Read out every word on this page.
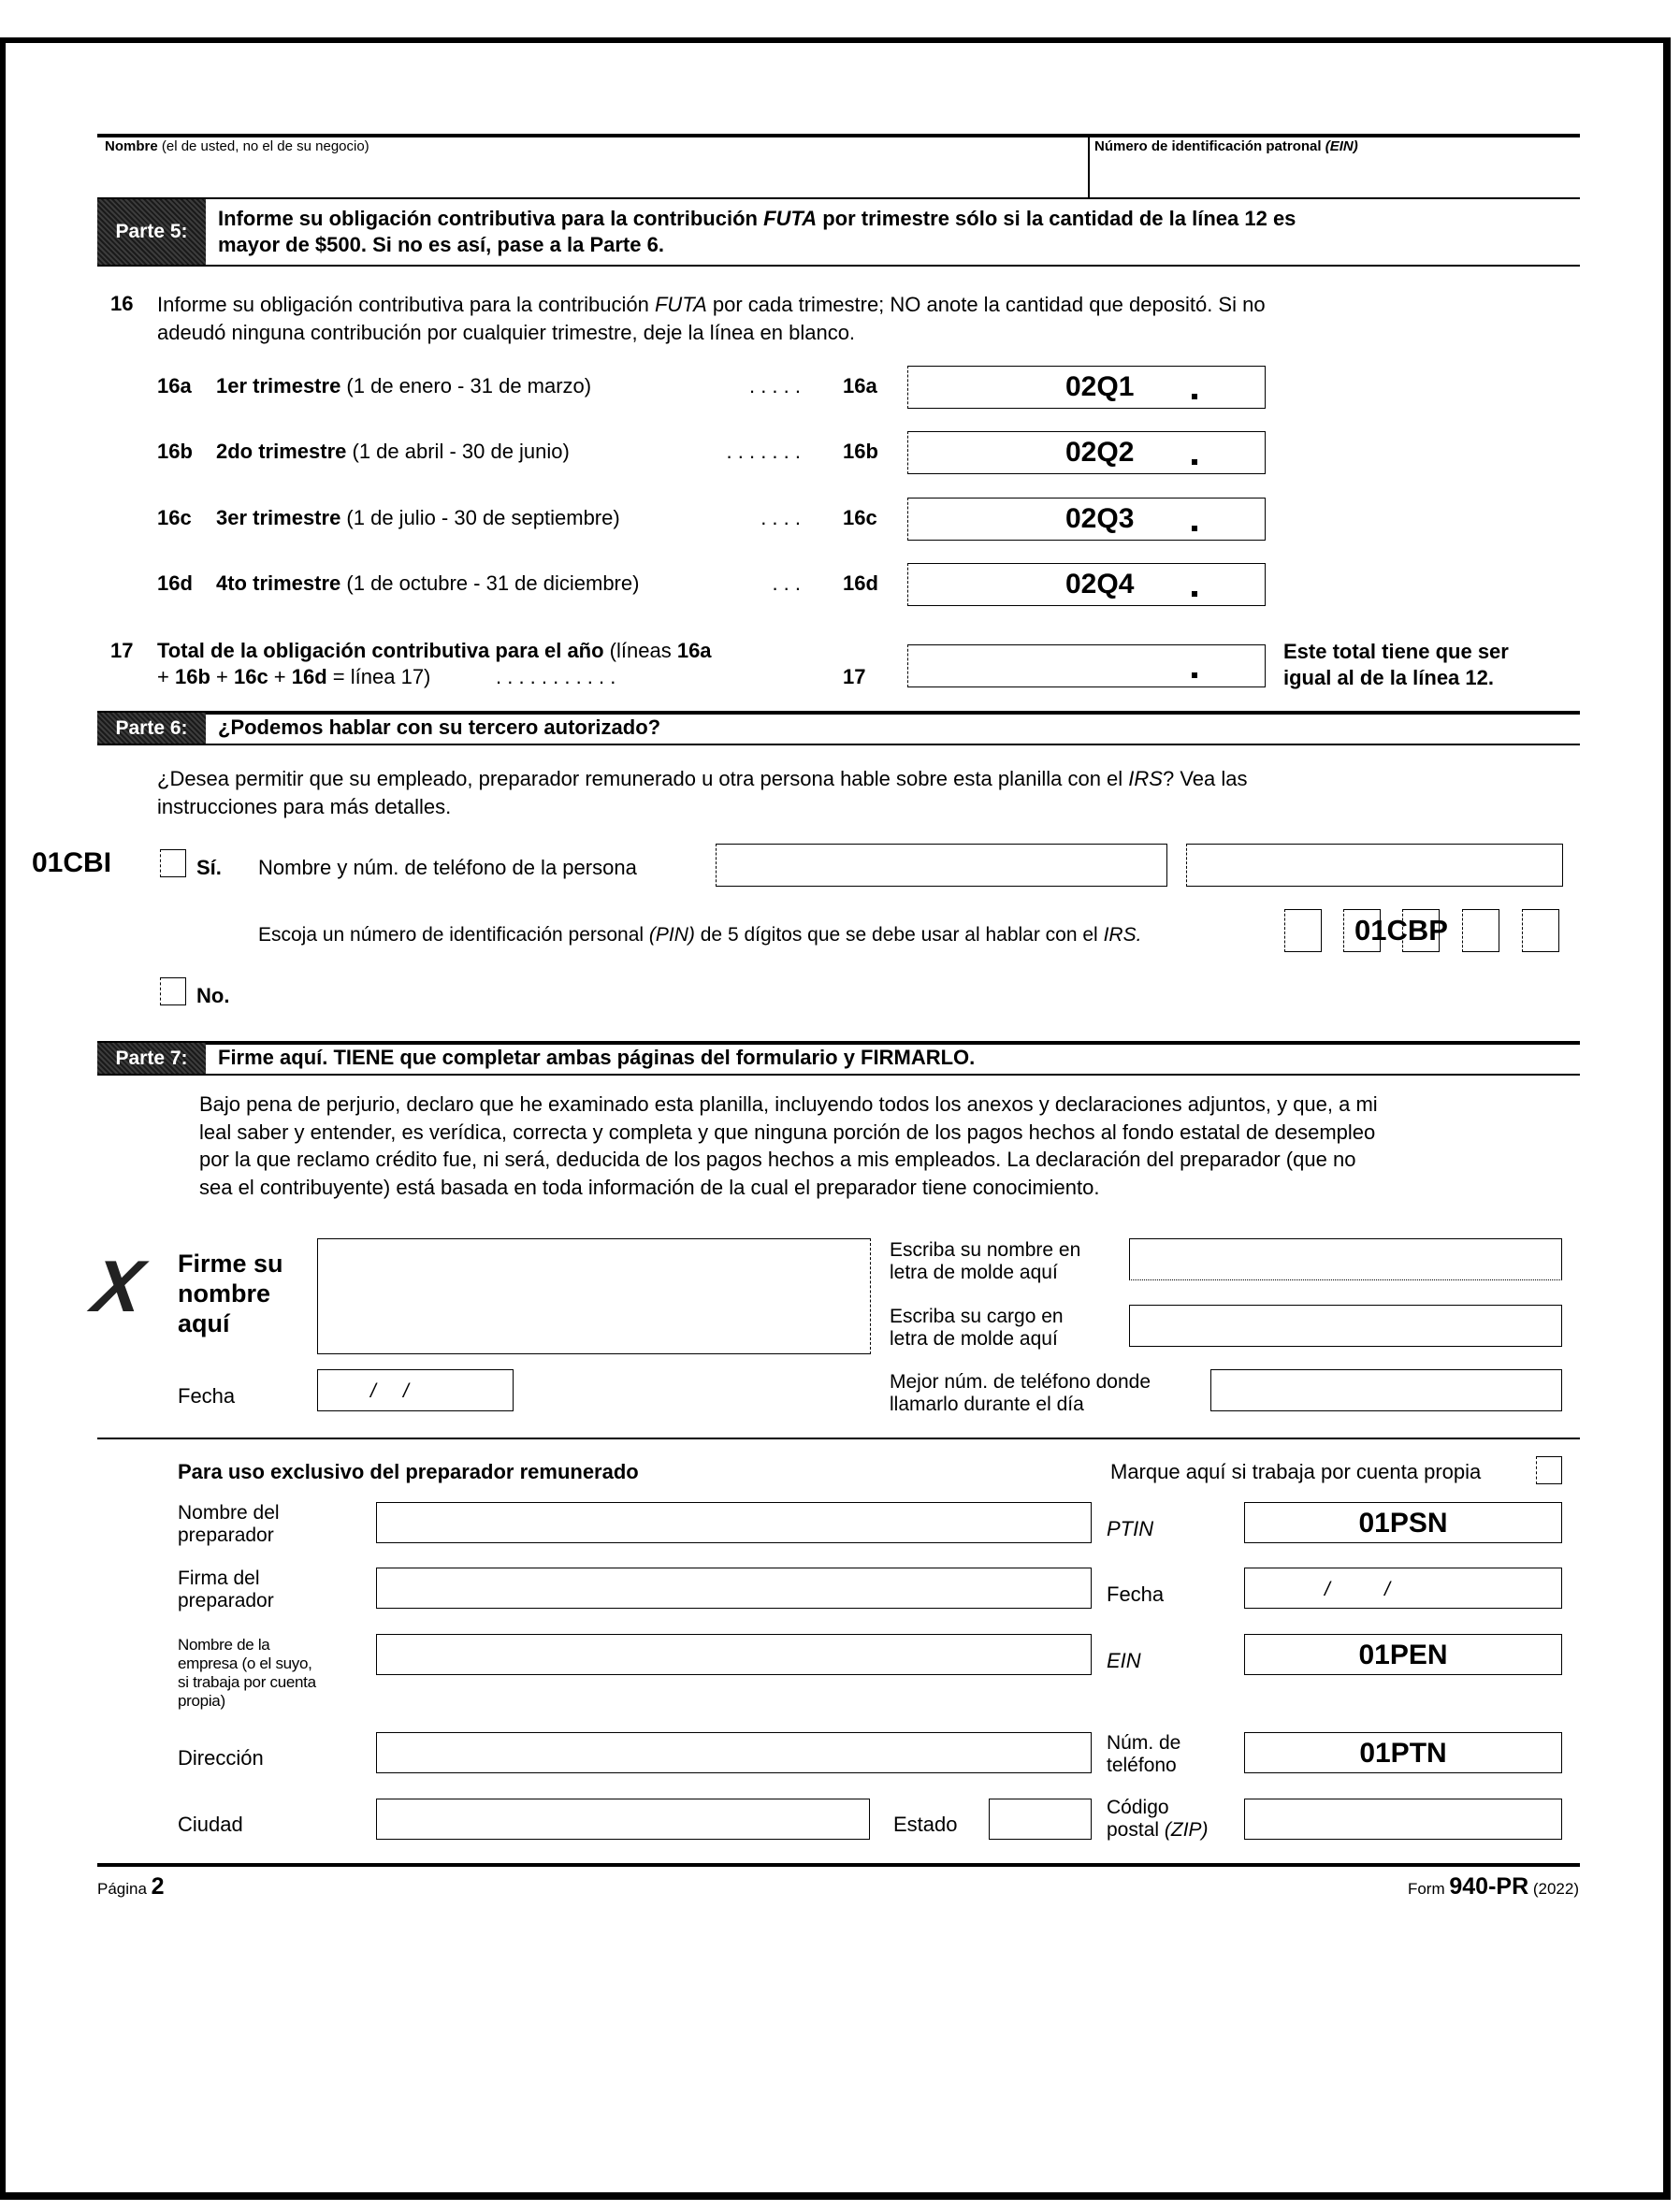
Nombre (el de usted, no el de su negocio)	Número de identificación patronal (EIN)
Parte 5:
Informe su obligación contributiva para la contribución FUTA por trimestre sólo si la cantidad de la línea 12 es
mayor de $500. Si no es así, pase a la Parte 6.
16 Informe su obligación contributiva para la contribución FUTA por cada trimestre; NO anote la cantidad que depositó. Si no
adeudó ninguna contribución por cualquier trimestre, deje la línea en blanco.
16a 1er trimestre (1 de enero - 31 de marzo)	. . . . . 16a	02Q1
16b 2do trimestre (1 de abril - 30 de junio)	. . . . . . . 16b	02Q2
16c 3er trimestre (1 de julio - 30 de septiembre)	. . . . 16c	02Q3
16d 4to trimestre (1 de octubre - 31 de diciembre)	. . . 16d	02Q4
17 Total de la obligación contributiva para el año (líneas 16a
+ 16b + 16c + 16d = línea 17)	. . . . . . . . . . .	17
Este total tiene que ser
igual al de la línea 12.
Parte 6:	¿Podemos hablar con su tercero autorizado?
¿Desea permitir que su empleado, preparador remunerado u otra persona hable sobre esta planilla con el IRS? Vea las
instrucciones para más detalles.
01CBI	Sí. Nombre y núm. de teléfono de la persona
Escoja un número de identificación personal (PIN) de 5 dígitos que se debe usar al hablar con el IRS.	01CBP
No.
Parte 7:	Firme aquí. TIENE que completar ambas páginas del formulario y FIRMARLO.
Bajo pena de perjurio, declaro que he examinado esta planilla, incluyendo todos los anexos y declaraciones adjuntos, y que, a mi
leal saber y entender, es verídica, correcta y completa y que ninguna porción de los pagos hechos al fondo estatal de desempleo
por la que reclamo crédito fue, ni será, deducida de los pagos hechos a mis empleados. La declaración del preparador (que no
sea el contribuyente) está basada en toda información de la cual el preparador tiene conocimiento.
X Firme su
nombre
aquí
Escriba su nombre en
letra de molde aquí
Escriba su cargo en
letra de molde aquí
Fecha	/     /	Mejor núm. de teléfono donde
llamarlo durante el día
Para uso exclusivo del preparador remunerado	Marque aquí si trabaja por cuenta propia
Nombre del
preparador	PTIN	01PSN
Firma del
preparador	Fecha	/          /
Nombre de la
empresa (o el suyo,
si trabaja por cuenta
propia)
EIN	01PEN
Dirección
Núm. de
teléfono	01PTN
Ciudad	Estado
Código
postal (ZIP)
Página 2	Form 940-PR (2022)
